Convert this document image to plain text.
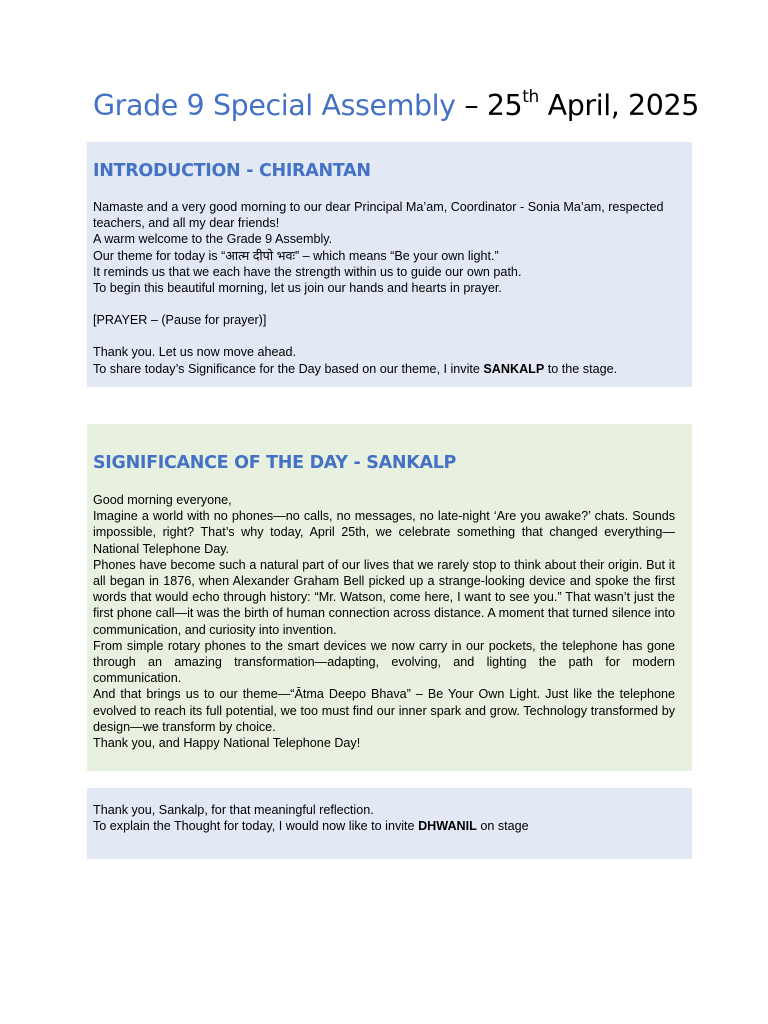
Grade 9 Special Assembly – 25th April, 2025
INTRODUCTION - CHIRANTAN

Namaste and a very good morning to our dear Principal Ma’am, Coordinator - Sonia Ma’am, respected

teachers, and all my dear friends!

A warm welcome to the Grade 9 Assembly.

Our theme for today is “आत्म दीपो भवः” – which means “Be your own light.”

It reminds us that we each have the strength within us to guide our own path.

To begin this beautiful morning, let us join our hands and hearts in prayer.

[PRAYER – (Pause for prayer)]

Thank you. Let us now move ahead.

To share today’s Significance for the Day based on our theme, I invite SANKALP to the stage.

SIGNIFICANCE OF THE DAY - SANKALP

Good morning everyone,

Imagine a world with no phones—no calls, no messages, no late-night ‘Are you awake?’ chats. Sounds impossible, right? That’s why today, April 25th, we celebrate something that changed everything—National Telephone Day.

Phones have become such a natural part of our lives that we rarely stop to think about their origin. But it all began in 1876, when Alexander Graham Bell picked up a strange-looking device and spoke the first words that would echo through history: “Mr. Watson, come here, I want to see you.” That wasn’t just the first phone call—it was the birth of human connection across distance. A moment that turned silence into communication, and curiosity into invention.

From simple rotary phones to the smart devices we now carry in our pockets, the telephone has gone through an amazing transformation—adapting, evolving, and lighting the path for modern communication.

And that brings us to our theme—“Ātma Deepo Bhava” – Be Your Own Light. Just like the telephone evolved to reach its full potential, we too must find our inner spark and grow. Technology transformed by design—we transform by choice.

Thank you, and Happy National Telephone Day!

Thank you, Sankalp, for that meaningful reflection.

To explain the Thought for today, I would now like to invite DHWANIL on stage
